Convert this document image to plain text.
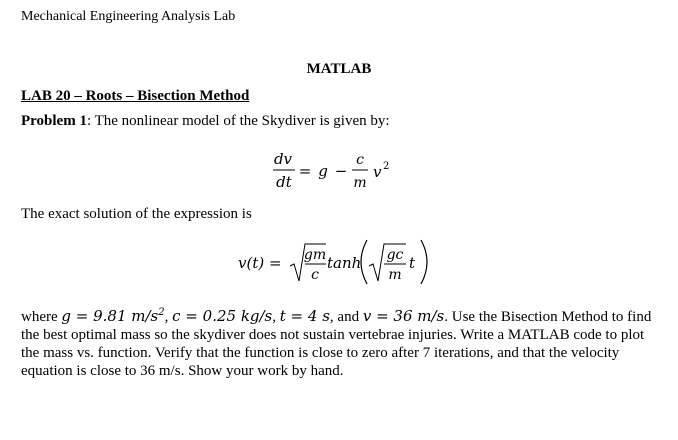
Mechanical Engineering Analysis Lab
MATLAB
LAB 20 – Roots – Bisection Method
Problem 1: The nonlinear model of the Skydiver is given by:
dv
dt
= g −
c
m
v 2
The exact solution of the expression is
v(t) = gm
c
tanh gc
m
t
where g = 9.81 $m/s^2$, c = 0.25 kg/s, t = 4 s, and v = 36 m/s. Use the Bisection Method to find the best optimal mass so the skydiver does not sustain vertebrae injuries. Write a MATLAB code to plot the mass vs. function. Verify that the function is close to zero after 7 iterations, and that the velocity equation is close to 36 m/s. Show your work by hand.
